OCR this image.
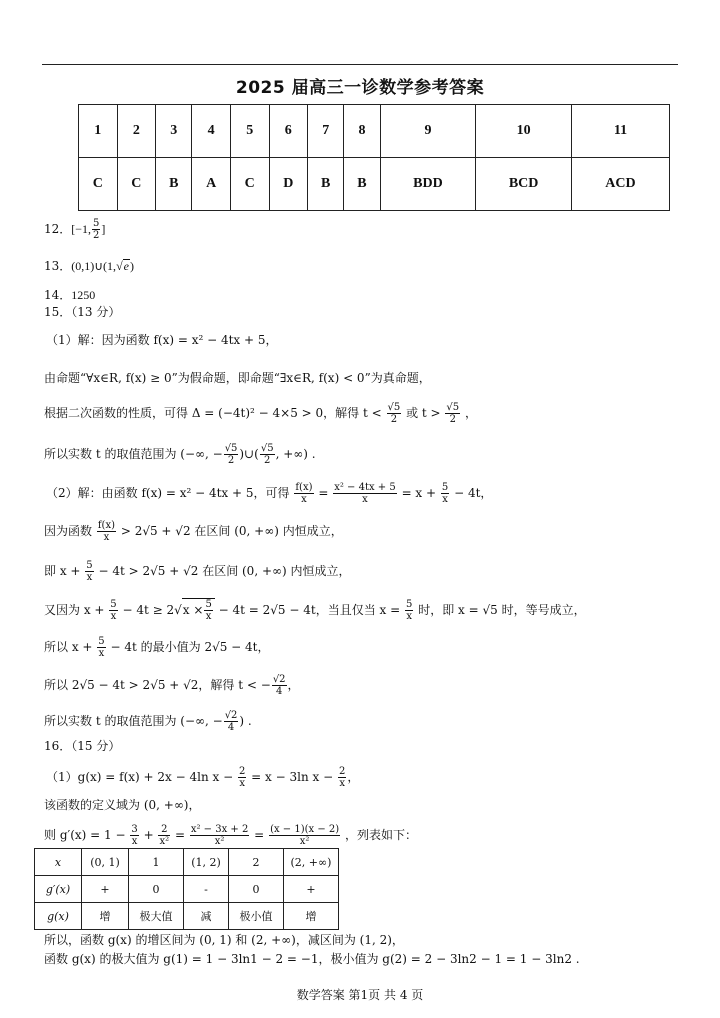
2025 届高三一诊数学参考答案
1	2	3	4	5	6	7	8	9	10	11
C	C	B	A	C	D	B	B	BDD	BCD	ACD
12．[−1, $\frac{5}{2}$ ]
13．(0,1)∪(1,√e)
14．1250
15．（13 分）
（1）解：因为函数 f(x) = x² − 4tx + 5，
由命题“∀x∈R, f(x) ≥ 0”为假命题，即命题“∃x∈R, f(x) < 0”为真命题，
根据二次函数的性质，可得 Δ = (−4t)² − 4×5 > 0，解得 $t < \frac{√5}{2}$ 或 $t > \frac{√5}{2}$ ，
所以实数 t 的取值范围为 (−∞, − $\frac{√5}{2}$ )∪( $\frac{√5}{2}$ , +∞) .
（2）解：由函数 f(x) = x² − 4tx + 5，可得 $\frac{f(x)}{x} = \frac{\text{x² − 4tx + 5}}{x} = x + \frac{5}{x} - 4t$，
因为函数 $\frac{f(x)}{x} > 2√5 + √2$ 在区间 (0, +∞) 内恒成立，
即 $x + \frac{5}{x} - 4t > 2√5 + √2$ 在区间 (0, +∞) 内恒成立，
又因为 $x + \frac{5}{x} - 4t \ge 2√x \times \frac{5}{x} - 4t = 2√5 - 4t$，当且仅当 $x = \frac{5}{x}$ 时，即 x = √5 时，等号成立，
所以 $x + \frac{5}{x} - 4t$ 的最小值为 2√5 − 4t，
所以 2√5 − 4t > 2√5 + √2，解得 t < − $\frac{√2}{4}$ ，
所以实数 t 的取值范围为 (−∞, − $\frac{√2}{4}$ ) .
16．（15 分）
（1）g(x) = f(x) + 2x − 4ln $x - \frac{2}{x} = x - 3\ln$ $x - \frac{2}{x}$ ，
该函数的定义域为 (0, +∞)，
则 $g'(x) = 1 - \frac{3}{x} + \frac{2}{\text{x²}} = \frac{\text{x² − 3x + 2}}{\text{x²}} = \frac{(x - 1)(x - 2)}{\text{x²}}$ ，列表如下：
x	(0, 1)	1	(1, 2)	2	(2, +∞)
g′(x)	+	0	-	0	+
g(x)	增	极大值	减	极小值	增
所以，函数 g(x) 的增区间为 (0, 1) 和 (2, +∞)，减区间为 (1, 2)，
函数 g(x) 的极大值为 g(1) = 1 − 3ln1 − 2 = −1，极小值为 g(2) = 2 − 3ln2 − 1 = 1 − 3ln2 .
数学答案 第1页 共 4 页
